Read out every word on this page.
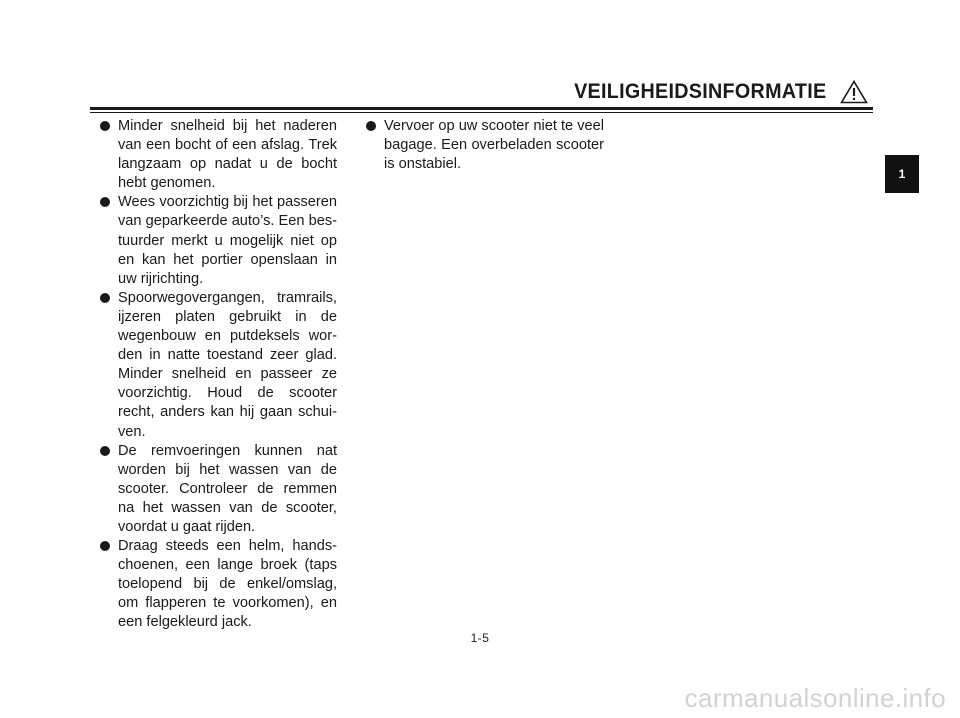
VEILIGHEIDSINFORMATIE
Minder snelheid bij het naderen van een bocht of een afslag. Trek langzaam op nadat u de bocht hebt genomen.
Wees voorzichtig bij het passeren van geparkeerde auto’s. Een bes- tuurder merkt u mogelijk niet op en kan het portier openslaan in uw rijrichting.
Spoorwegovergangen, tramrails, ijzeren platen gebruikt in de wegenbouw en putdeksels wor- den in natte toestand zeer glad. Minder snelheid en passeer ze voorzichtig. Houd de scooter recht, anders kan hij gaan schui- ven.
De remvoeringen kunnen nat worden bij het wassen van de scooter. Controleer de remmen na het wassen van de scooter, voordat u gaat rijden.
Draag steeds een helm, hands- choenen, een lange broek (taps toelopend bij de enkel/omslag, om flapperen te voorkomen), en een felgekleurd jack.
Vervoer op uw scooter niet te veel bagage. Een overbeladen scooter is onstabiel.
1
1-5
carmanualsonline.info
